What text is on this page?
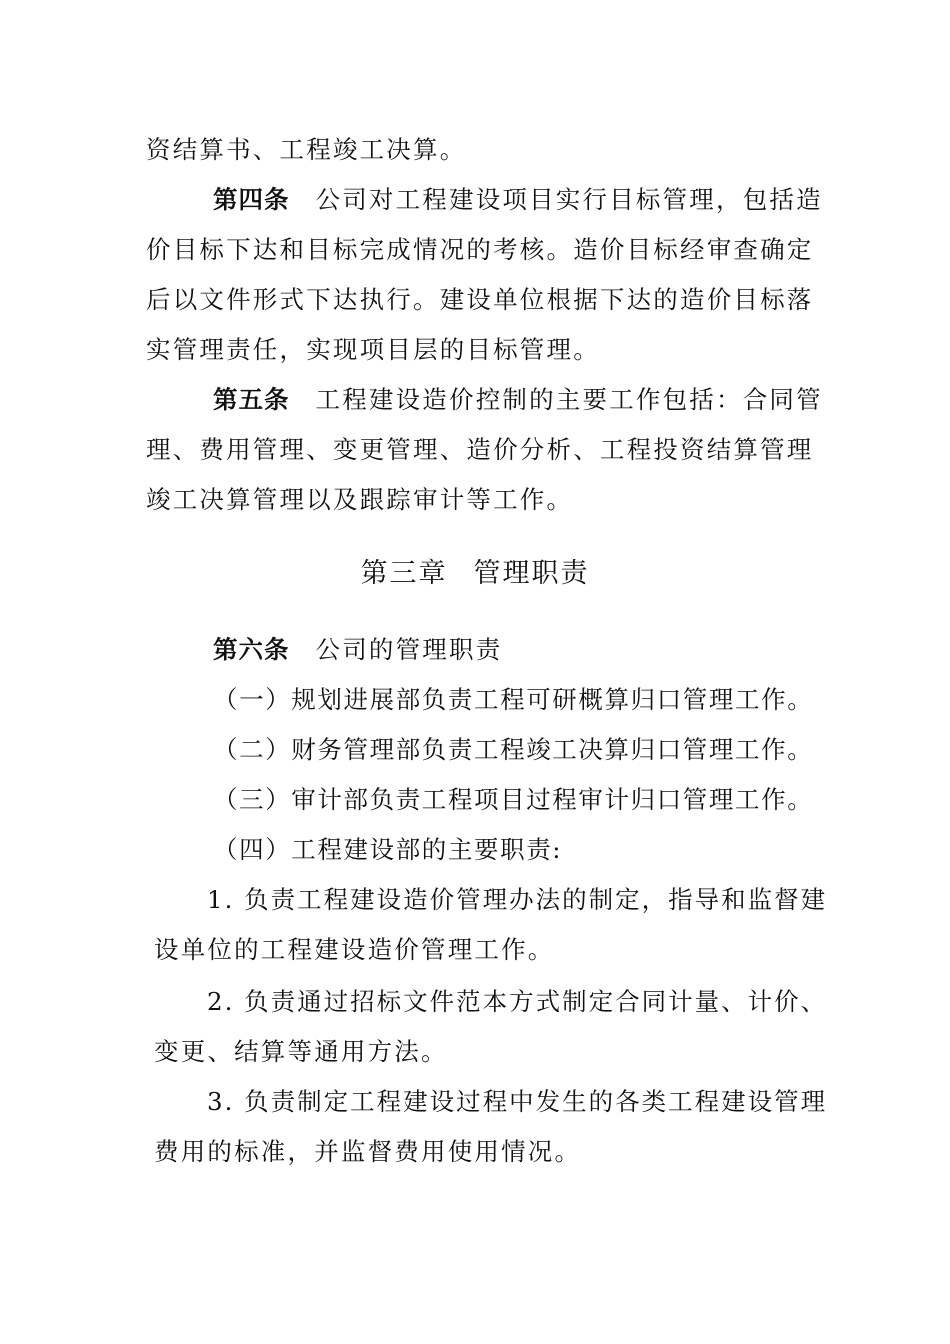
资结算书、工程竣工决算。
第四条 公司对工程建设项目实行目标管理，包括造
价目标下达和目标完成情况的考核。造价目标经审查确定
后以文件形式下达执行。建设单位根据下达的造价目标落
实管理责任，实现项目层的目标管理。
第五条 工程建设造价控制的主要工作包括：合同管
理、费用管理、变更管理、造价分析、工程投资结算管理
竣工决算管理以及跟踪审计等工作。
第三章 管理职责
第六条 公司的管理职责
（一）规划进展部负责工程可研概算归口管理工作。
（二）财务管理部负责工程竣工决算归口管理工作。
（三）审计部负责工程项目过程审计归口管理工作。
（四）工程建设部的主要职责:
1. 负责工程建设造价管理办法的制定，指导和监督建
设单位的工程建设造价管理工作。
2. 负责通过招标文件范本方式制定合同计量、计价、
变更、结算等通用方法。
3. 负责制定工程建设过程中发生的各类工程建设管理
费用的标准，并监督费用使用情况。
